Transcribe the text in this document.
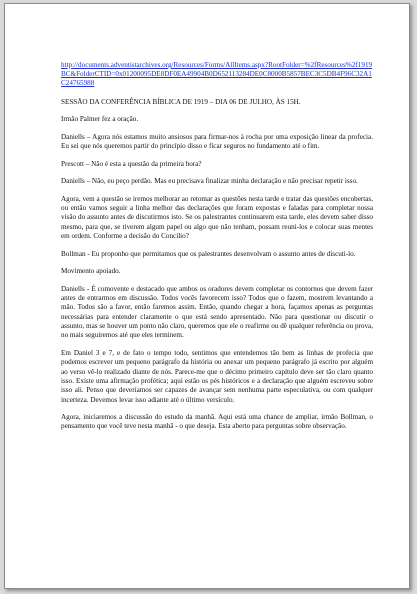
http://documents.adventistarchives.org/Resources/Forms/AllItems.aspx?RootFolder=%2fResources%2f1919BC&FolderCTID=0x01200095DE8DF0EA49904B0D652113284DE0C8000B5857BEC3C5DB4F96C32A1C24765988

SESSÃO DA CONFERÊNCIA BÍBLICA DE 1919 – DIA 06 DE JULHO, ÀS 15H.

Irmão Palmer fez a oração.

Daniells – Agora nós estamos muito ansiosos para firmar-nos à rocha por uma exposição linear da profecia. Eu sei que nós queremos partir do princípio disso e ficar seguros no fundamento até o fim.

Prescott – Não é esta a questão da primeira hora?

Daniells – Não, eu peço perdão. Mas eu precisava finalizar minha declaração e não precisar repetir isso.

Agora, vem a questão se iremos melhorar ao retomar as questões nesta tarde e tratar das questões encobertas, ou então vamos seguir a linha melhor das declarações que foram expostas e faladas para completar nossa visão do assunto antes de discutirmos isto. Se os palestrantes continuarem esta tarde, eles devem saber disso mesmo, para que, se tiverem algum papel ou algo que não tenham, possam reuni-los e colocar suas mentes em ordem. Conforme a decisão do Concílio?

Bollman - Eu proponho que permitamos que os palestrantes desenvolvam o assunto antes de discuti-lo.

Movimento apoiado.

Daniells - É comovente e destacado que ambos os oradores devem completar os contornos que devem fazer antes de entrarmos em discussão. Todos vocês favorecem isso? Todos que o fazem, mostrem levantando a mão. Todos são a favor, então faremos assim. Então, quando chegar a hora, façamos apenas as perguntas necessárias para entender claramente o que está sendo apresentado. Não para questionar ou discutir o assunto, mas se houver um ponto não claro, queremos que ele o reafirme ou dê qualquer referência ou prova, no mais seguiremos até que eles terminem.

Em Daniel 3 e 7, e de fato o tempo todo, sentimos que entendemos tão bem as linhas de profecia que podemos escrever um pequeno parágrafo da história ou anexar um pequeno parágrafo já escrito por alguém ao verso vê-lo realizado diante de nós. Parece-me que o décimo primeiro capítulo deve ser tão claro quanto isso. Existe uma afirmação profética; aqui estão os pés históricos e a declaração que alguém escreveu sobre isso ali. Penso que deveríamos ser capazes de avançar sem nenhuma parte especulativa, ou com qualquer incerteza. Devemos levar isso adiante até o último versículo.

Agora, iniciaremos a discussão do estudo da manhã. Aqui está uma chance de ampliar, irmão Bollman, o pensamento que você teve nesta manhã - o que deseja. Esta aberto para perguntas sobre observação.
